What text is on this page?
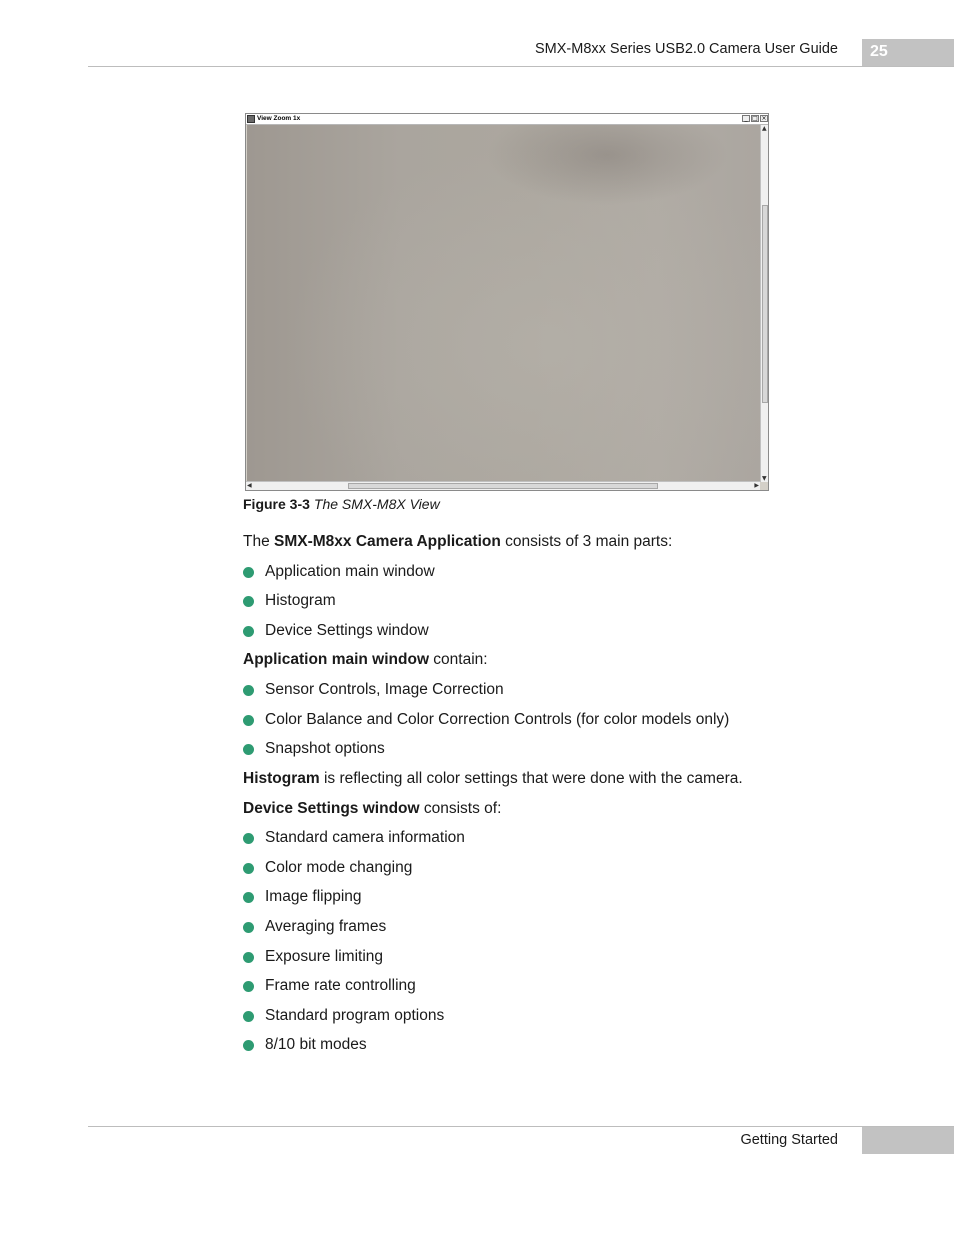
SMX-M8xx Series USB2.0 Camera User Guide 25
View Zoom 1x	_ □ ×
▲
▼
◀	▶
Figure 3-3 The SMX-M8X View
The SMX-M8xx Camera Application consists of 3 main parts:
Application main window
Histogram
Device Settings window
Application main window contain:
Sensor Controls, Image Correction
Color Balance and Color Correction Controls (for color models only)
Snapshot options
Histogram is reflecting all color settings that were done with the camera.
Device Settings window consists of:
Standard camera information
Color mode changing
Image flipping
Averaging frames
Exposure limiting
Frame rate controlling
Standard program options
8/10 bit modes
Getting Started
